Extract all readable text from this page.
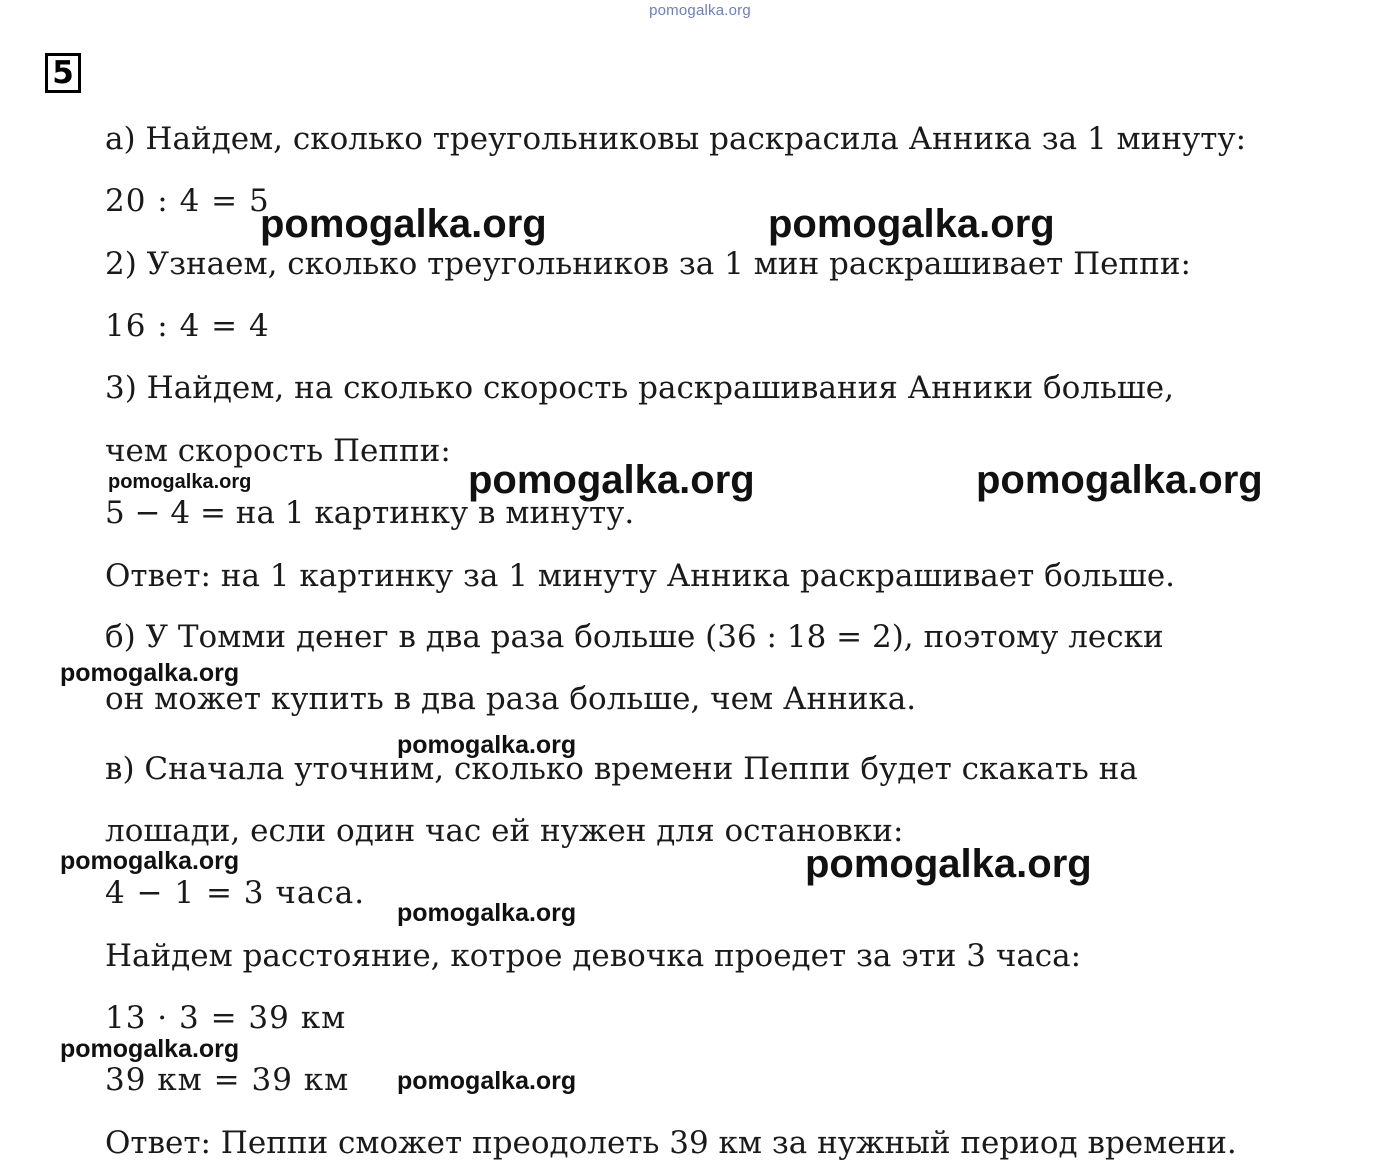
pomogalka.org
5
а) Найдем, сколько треугольниковы раскрасила Анника за 1 минуту:
20 : 4 = 5
2) Узнаем, сколько треугольников за 1 мин раскрашивает Пеппи:
16 : 4 = 4
3) Найдем, на сколько скорость раскрашивания Анники больше,
чем скорость Пеппи:
5 − 4 = на 1 картинку в минуту.
Ответ: на 1 картинку за 1 минуту Анника раскрашивает больше.
б) У Томми денег в два раза больше (36 : 18 = 2), поэтому лески
он может купить в два раза больше, чем Анника.
в) Сначала уточним, сколько времени Пеппи будет скакать на
лошади, если один час ей нужен для остановки:
4 − 1 = 3 часа.
Найдем расстояние, котрое девочка проедет за эти 3 часа:
13 · 3 = 39 км
39 км = 39 км
Ответ: Пеппи сможет преодолеть 39 км за нужный период времени.
pomogalka.org	pomogalka.org
pomogalka.org	pomogalka.org	pomogalka.org
pomogalka.org
pomogalka.org
pomogalka.org	pomogalka.org
pomogalka.org
pomogalka.org
pomogalka.org
